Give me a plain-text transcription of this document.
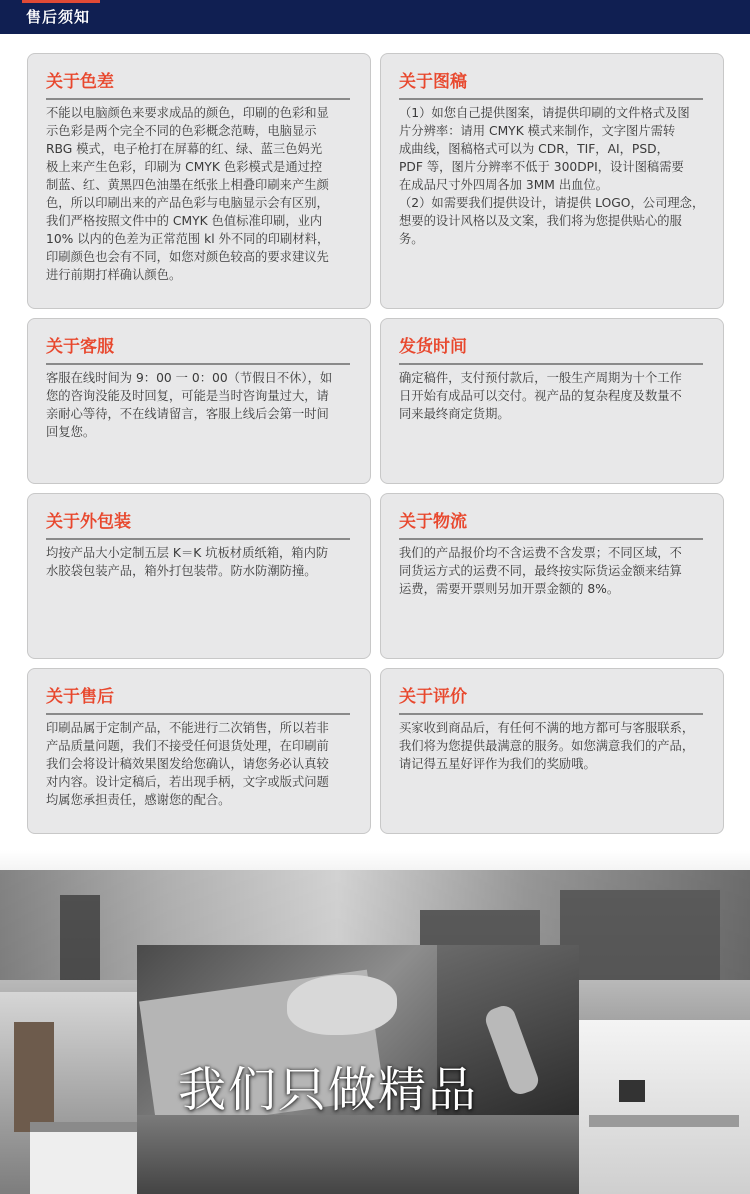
售后须知
关于色差
不能以电脑颜色来要求成品的颜色，印刷的色彩和显
示色彩是两个完全不同的色彩概念范畴，电脑显示
RBG 模式，电子枪打在屏幕的红、绿、蓝三色妈光
极上来产生色彩，印刷为 CMYK 色彩模式是通过控
制蓝、红、黄黑四色油墨在纸张上相叠印刷来产生颜
色，所以印刷出来的产品色彩与电脑显示会有区别，
我们严格按照文件中的 CMYK 色值标准印刷，业内
10% 以内的色差为正常范围 kl 外不同的印刷材料，
印刷颜色也会有不同，如您对颜色较高的要求建议先
进行前期打样确认颜色。
关于图稿
（1）如您自己提供图案，请提供印刷的文件格式及图
片分辨率：请用 CMYK 模式来制作，文字图片需转
成曲线，图稿格式可以为 CDR，TIF，AI，PSD，
PDF 等，图片分辨率不低于 300DPI，设计图稿需要
在成品尺寸外四周各加 3MM 出血位。
（2）如需要我们提供设计，请提供 LOGO，公司理念，
想要的设计风格以及文案，我们将为您提供贴心的服
务。
关于客服
客服在线时间为 9：00 一 0：00（节假日不休），如
您的咨询没能及时回复，可能是当时咨询量过大，请
亲耐心等待，不在线请留言，客服上线后会第一时间
回复您。
发货时间
确定稿件，支付预付款后，一般生产周期为十个工作
日开始有成品可以交付。视产品的复杂程度及数量不
同来最终商定货期。
关于外包装
均按产品大小定制五层 K＝K 坑板材质纸箱，箱内防
水胶袋包装产品，箱外打包装带。防水防潮防撞。
关于物流
我们的产品报价均不含运费不含发票；不同区域，不
同货运方式的运费不同，最终按实际货运金额来结算
运费，需要开票则另加开票金额的 8%。
关于售后
印刷品属于定制产品，不能进行二次销售，所以若非
产品质量问题，我们不接受任何退货处理，在印刷前
我们会将设计稿效果图发给您确认，请您务必认真较
对内容。设计定稿后，若出现手柄，文字或版式问题
均属您承担责任，感谢您的配合。
关于评价
买家收到商品后，有任何不满的地方都可与客服联系，
我们将为您提供最满意的服务。如您满意我们的产品，
请记得五星好评作为我们的奖励哦。
我们只做精品
